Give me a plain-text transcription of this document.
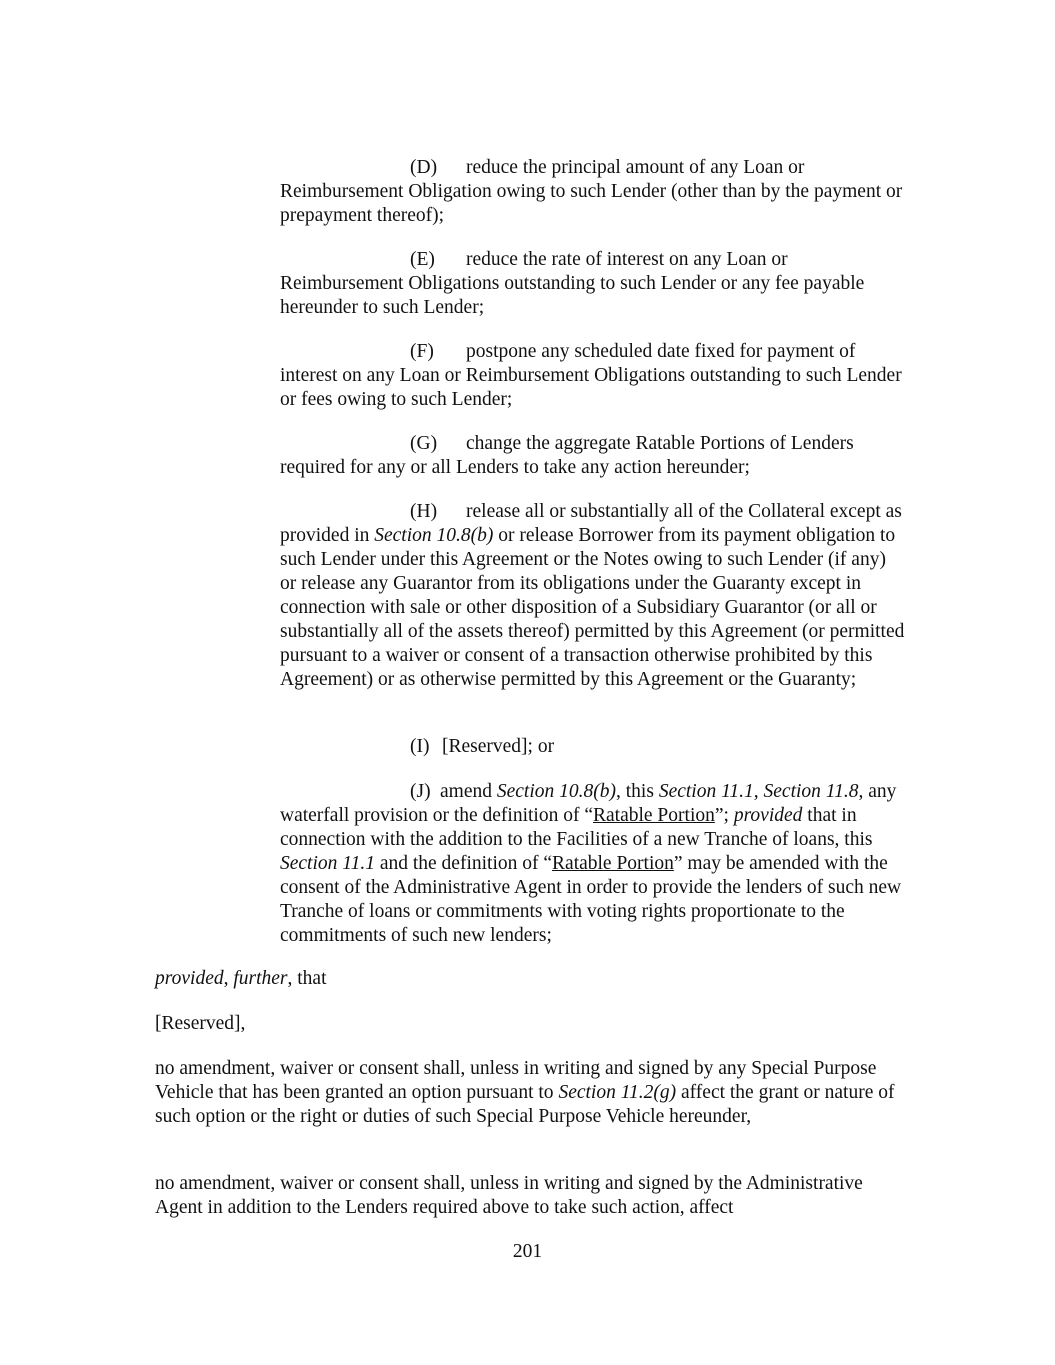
(D) reduce the principal amount of any Loan or Reimbursement Obligation owing to such Lender (other than by the payment or prepayment thereof);

(E) reduce the rate of interest on any Loan or Reimbursement Obligations outstanding to such Lender or any fee payable hereunder to such Lender;

(F) postpone any scheduled date fixed for payment of interest on any Loan or Reimbursement Obligations outstanding to such Lender or fees owing to such Lender;

(G) change the aggregate Ratable Portions of Lenders required for any or all Lenders to take any action hereunder;

(H) release all or substantially all of the Collateral except as provided in Section 10.8(b) or release Borrower from its payment obligation to such Lender under this Agreement or the Notes owing to such Lender (if any) or release any Guarantor from its obligations under the Guaranty except in connection with sale or other disposition of a Subsidiary Guarantor (or all or substantially all of the assets thereof) permitted by this Agreement (or permitted pursuant to a waiver or consent of a transaction otherwise prohibited by this Agreement) or as otherwise permitted by this Agreement or the Guaranty;

(I) [Reserved]; or

(J) amend Section 10.8(b), this Section 11.1, Section 11.8, any waterfall provision or the definition of “Ratable Portion”; provided that in connection with the addition to the Facilities of a new Tranche of loans, this Section 11.1 and the definition of “Ratable Portion” may be amended with the consent of the Administrative Agent in order to provide the lenders of such new Tranche of loans or commitments with voting rights proportionate to the commitments of such new lenders;

provided, further, that

[Reserved],

no amendment, waiver or consent shall, unless in writing and signed by any Special Purpose Vehicle that has been granted an option pursuant to Section 11.2(g) affect the grant or nature of such option or the right or duties of such Special Purpose Vehicle hereunder,

no amendment, waiver or consent shall, unless in writing and signed by the Administrative Agent in addition to the Lenders required above to take such action, affect

201
